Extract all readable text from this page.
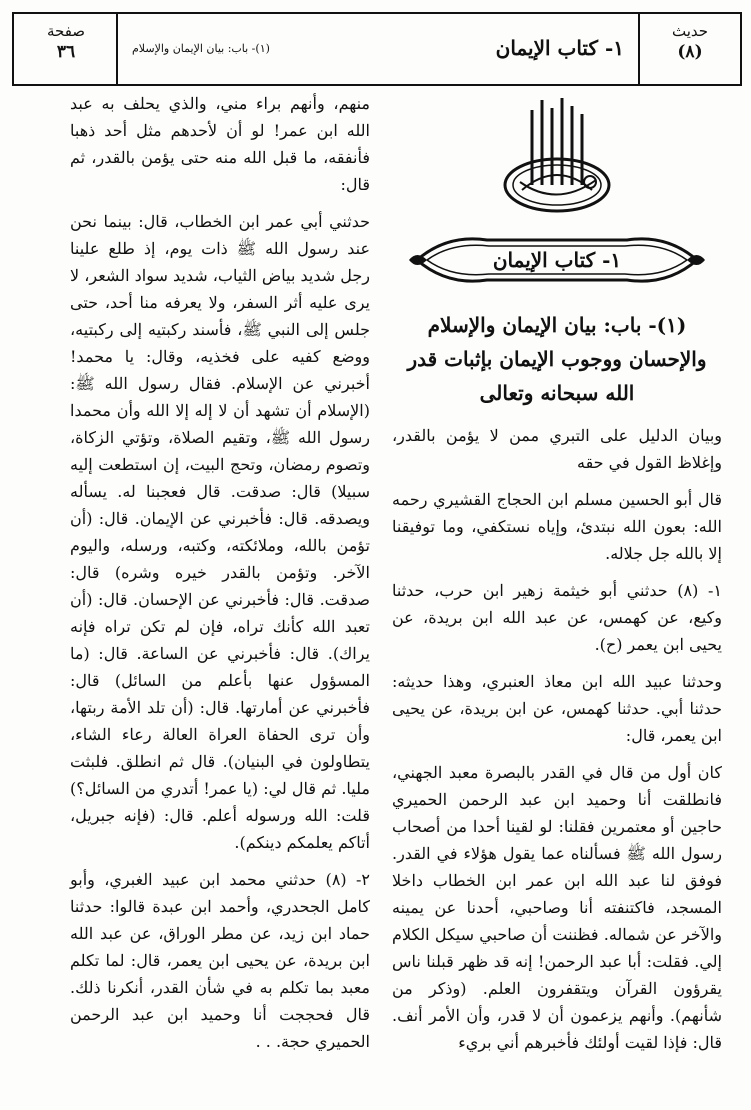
حديث
(٨)
١- كتاب الإيمان
(١)- باب: بيان الإيمان والإسلام
صفحة
٣٦
١- كتاب الإيمان
(١)- باب: بيان الإيمان والإسلام والإحسان ووجوب الإيمان بإثبات قدر الله سبحانه وتعالى

وبيان الدليل على التبري ممن لا يؤمن بالقدر، وإغلاظ القول في حقه

قال أبو الحسين مسلم ابن الحجاج القشيري رحمه الله: بعون الله نبتدئ، وإياه نستكفي، وما توفيقنا إلا بالله جل جلاله.

١- (٨) حدثني أبو خيثمة زهير ابن حرب، حدثنا وكيع، عن كهمس، عن عبد الله ابن بريدة، عن يحيى ابن يعمر (ح).

وحدثنا عبيد الله ابن معاذ العنبري، وهذا حديثه: حدثنا أبي. حدثنا كهمس، عن ابن بريدة، عن يحيى ابن يعمر، قال:

كان أول من قال في القدر بالبصرة معبد الجهني، فانطلقت أنا وحميد ابن عبد الرحمن الحميري حاجين أو معتمرين فقلنا: لو لقينا أحدا من أصحاب رسول الله ﷺ فسألناه عما يقول هؤلاء في القدر. فوفق لنا عبد الله ابن عمر ابن الخطاب داخلا المسجد، فاكتنفته أنا وصاحبي، أحدنا عن يمينه والآخر عن شماله. فظننت أن صاحبي سيكل الكلام إلي. فقلت: أبا عبد الرحمن! إنه قد ظهر قبلنا ناس يقرؤون القرآن ويتقفرون العلم. (وذكر من شأنهم). وأنهم يزعمون أن لا قدر، وأن الأمر أنف. قال: فإذا لقيت أولئك فأخبرهم أني بريء

منهم، وأنهم براء مني، والذي يحلف به عبد الله ابن عمر! لو أن لأحدهم مثل أحد ذهبا فأنفقه، ما قبل الله منه حتى يؤمن بالقدر، ثم قال:

حدثني أبي عمر ابن الخطاب، قال: بينما نحن عند رسول الله ﷺ ذات يوم، إذ طلع علينا رجل شديد بياض الثياب، شديد سواد الشعر، لا يرى عليه أثر السفر، ولا يعرفه منا أحد، حتى جلس إلى النبي ﷺ، فأسند ركبتيه إلى ركبتيه، ووضع كفيه على فخذيه، وقال: يا محمد! أخبرني عن الإسلام. فقال رسول الله ﷺ: (الإسلام أن تشهد أن لا إله إلا الله وأن محمدا رسول الله ﷺ، وتقيم الصلاة، وتؤتي الزكاة، وتصوم رمضان، وتحج البيت، إن استطعت إليه سبيلا) قال: صدقت. قال فعجبنا له. يسأله ويصدقه. قال: فأخبرني عن الإيمان. قال: (أن تؤمن بالله، وملائكته، وكتبه، ورسله، واليوم الآخر. وتؤمن بالقدر خيره وشره) قال: صدقت. قال: فأخبرني عن الإحسان. قال: (أن تعبد الله كأنك تراه، فإن لم تكن تراه فإنه يراك). قال: فأخبرني عن الساعة. قال: (ما المسؤول عنها بأعلم من السائل) قال: فأخبرني عن أمارتها. قال: (أن تلد الأمة ربتها، وأن ترى الحفاة العراة العالة رعاء الشاء، يتطاولون في البنيان). قال ثم انطلق. فلبثت مليا. ثم قال لي: (يا عمر! أتدري من السائل؟) قلت: الله ورسوله أعلم. قال: (فإنه جبريل، أتاكم يعلمكم دينكم).

٢- (٨) حدثني محمد ابن عبيد الغبري، وأبو كامل الجحدري، وأحمد ابن عبدة قالوا: حدثنا حماد ابن زيد، عن مطر الوراق، عن عبد الله ابن بريدة، عن يحيى ابن يعمر، قال: لما تكلم معبد بما تكلم به في شأن القدر، أنكرنا ذلك. قال فحججت أنا وحميد ابن عبد الرحمن الحميري حجة. . .
